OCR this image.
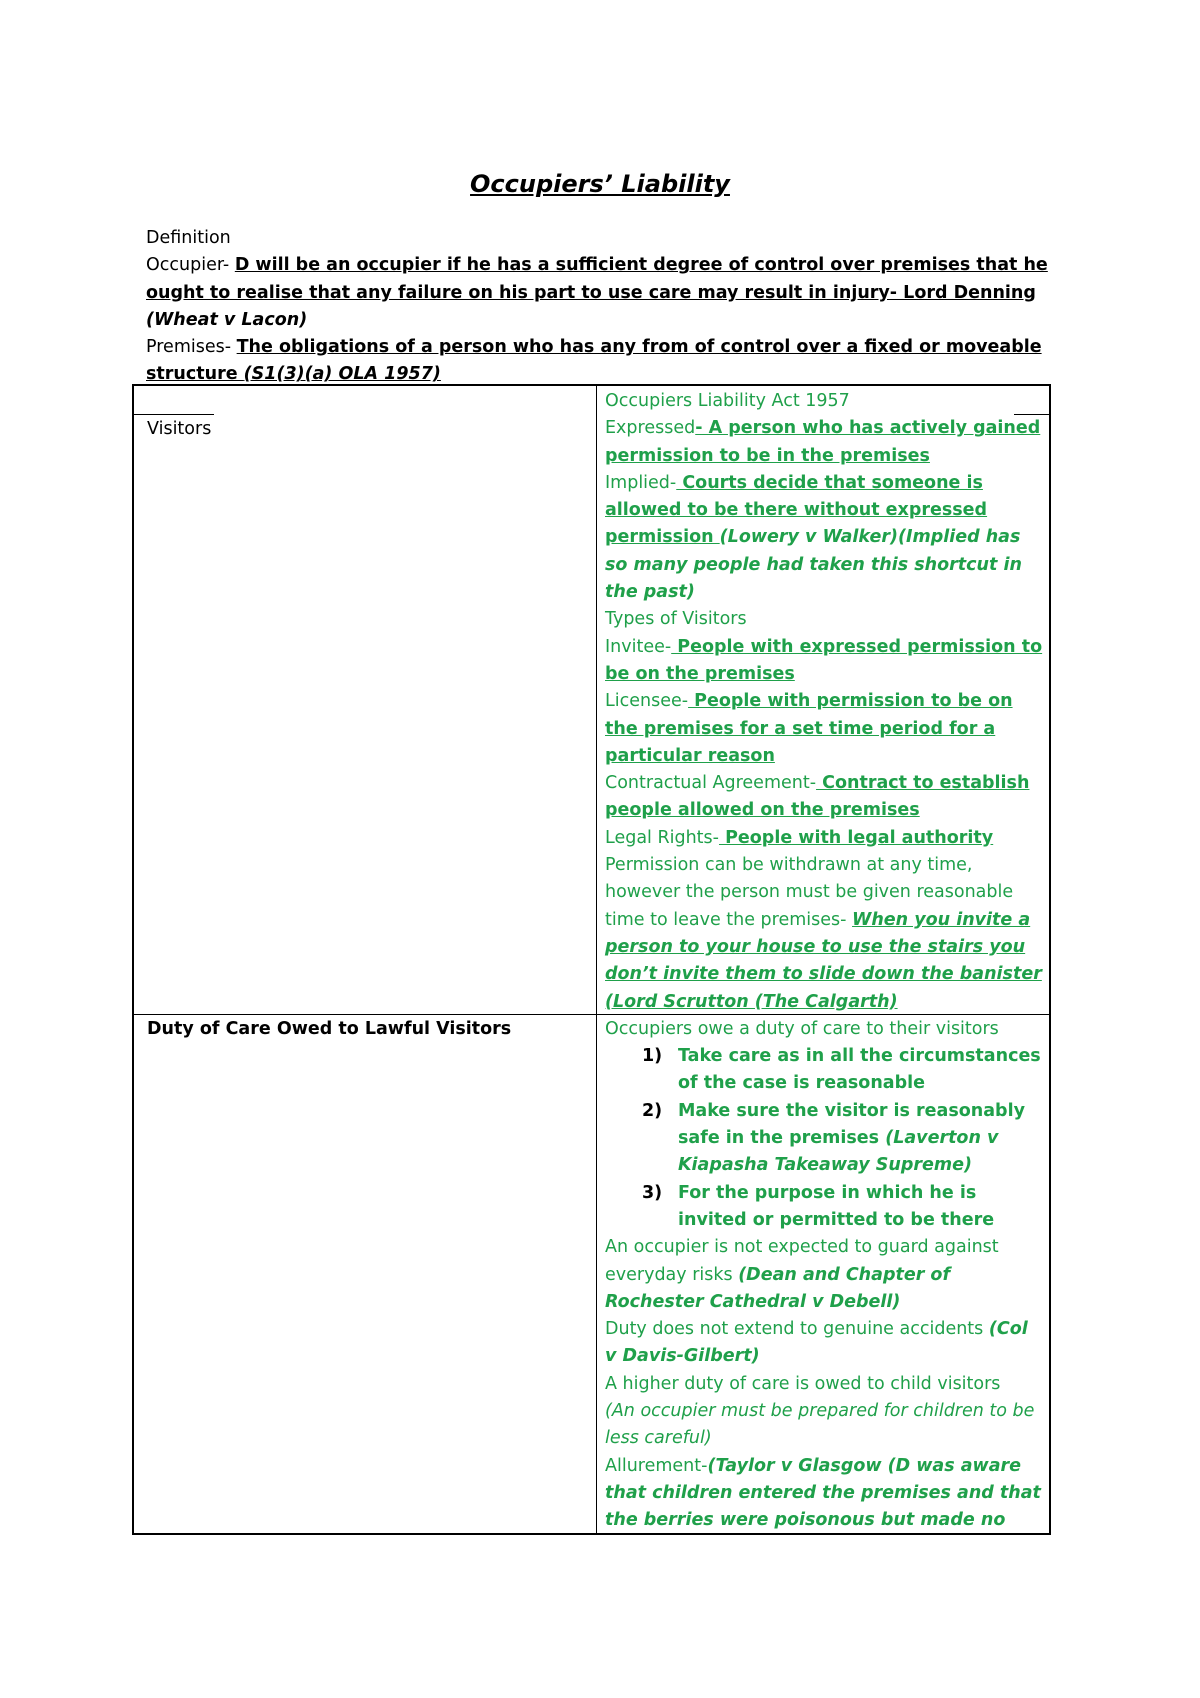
Occupiers’ Liability

Definition

Occupier- D will be an occupier if he has a sufficient degree of control over premises that he ought to realise that any failure on his part to use care may result in injury- Lord Denning (Wheat v Lacon)

Premises- The obligations of a person who has any from of control over a fixed or moveable structure (S1(3)(a) OLA 1957)

Visitors
Duty of Care Owed to Lawful Visitors

Occupiers Liability Act 1957

Expressed- A person who has actively gained permission to be in the premises

Implied- Courts decide that someone is allowed to be there without expressed permission (Lowery v Walker)(Implied has so many people had taken this shortcut in the past)

Types of Visitors

Invitee- People with expressed permission to be on the premises

Licensee- People with permission to be on the premises for a set time period for a particular reason

Contractual Agreement- Contract to establish people allowed on the premises

Legal Rights- People with legal authority

Permission can be withdrawn at any time, however the person must be given reasonable time to leave the premises- When you invite a person to your house to use the stairs you don’t invite them to slide down the banister (Lord Scrutton (The Calgarth)

Occupiers owe a duty of care to their visitors

1) Take care as in all the circumstances of the case is reasonable
2) Make sure the visitor is reasonably safe in the premises (Laverton v Kiapasha Takeaway Supreme)
3) For the purpose in which he is invited or permitted to be there

An occupier is not expected to guard against everyday risks (Dean and Chapter of Rochester Cathedral v Debell)

Duty does not extend to genuine accidents (Col v Davis-Gilbert)

A higher duty of care is owed to child visitors

(An occupier must be prepared for children to be less careful)

Allurement-(Taylor v Glasgow (D was aware that children entered the premises and that the berries were poisonous but made no
